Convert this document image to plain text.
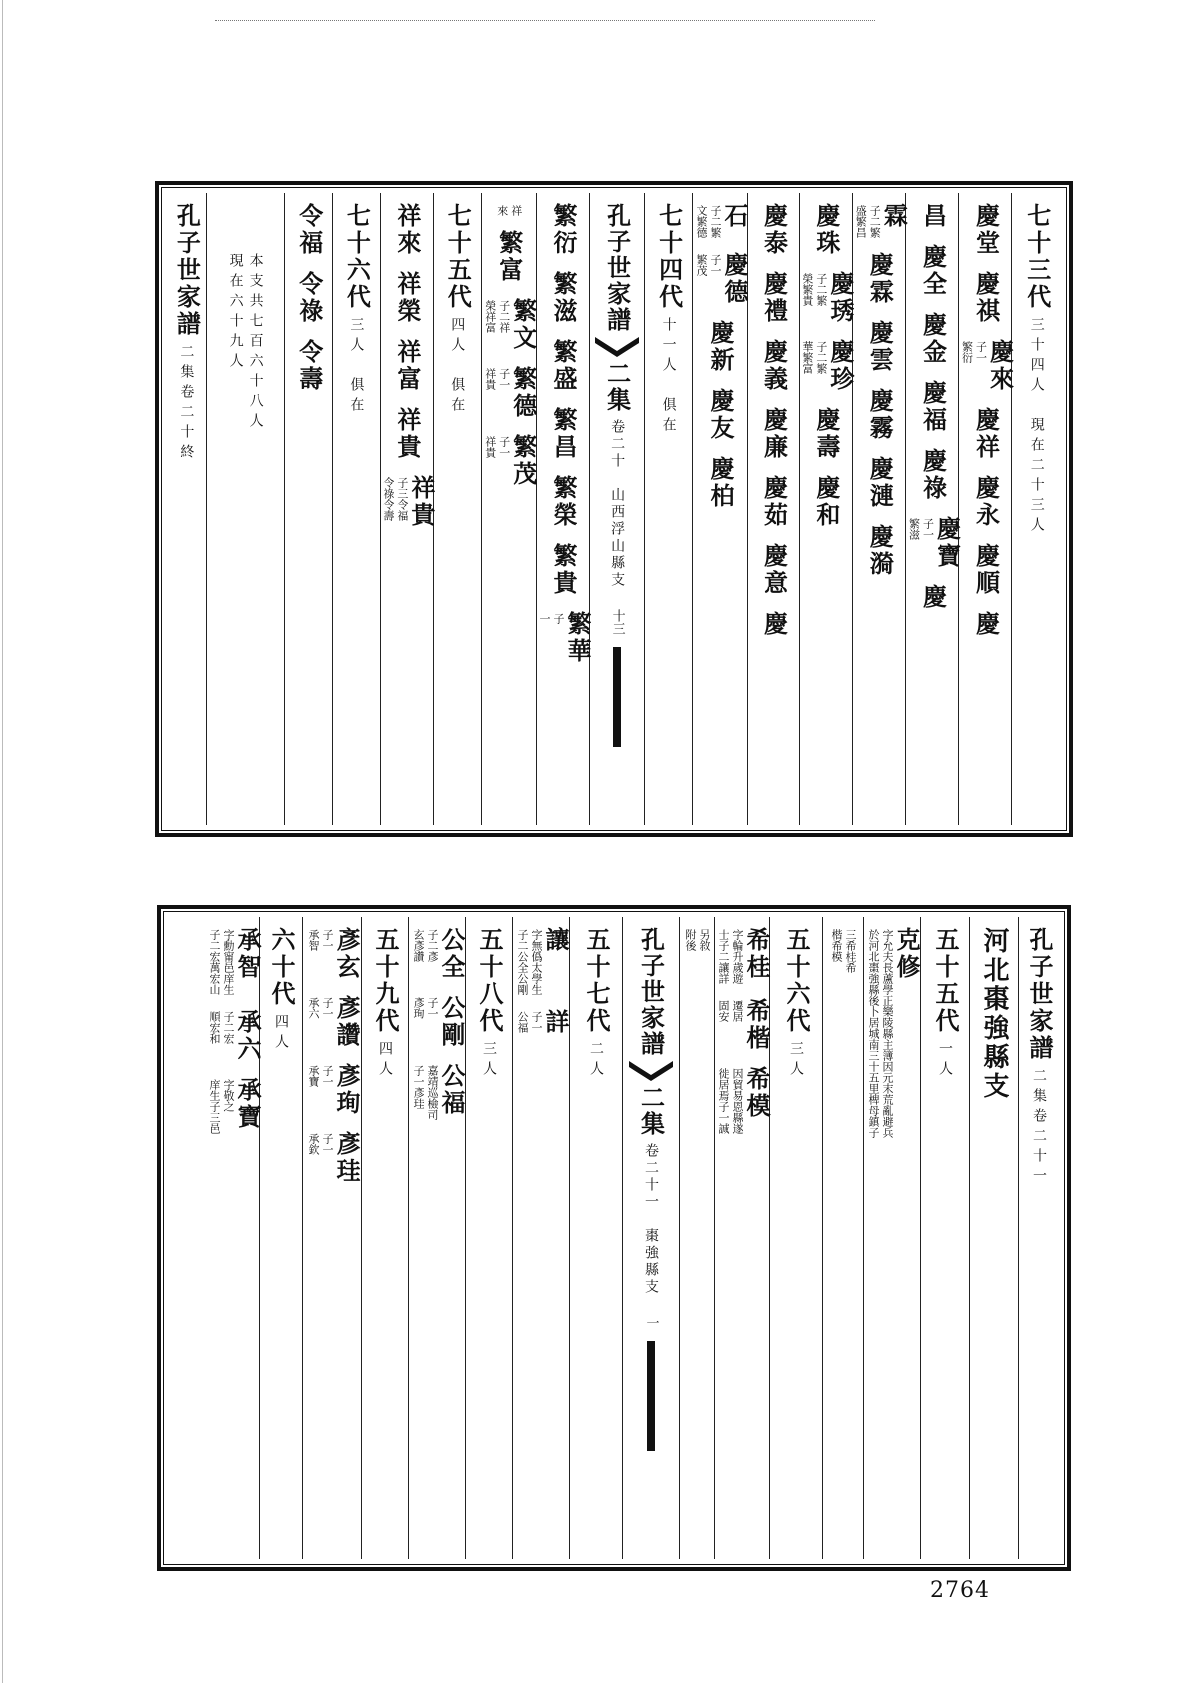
七十三代
三十四人　現在二十三人
慶堂
慶祺
慶來
子一
繁衍
慶祥
慶永
慶順
慶
昌
慶全
慶金
慶福
慶祿
慶寶
子一
繁滋
慶
霖
子二繁
盛繁昌
慶霖
慶雲
慶霧
慶漣
慶漪
慶珠
慶琇
子二繁
榮繁貴
慶珍
子二繁
華繁富
慶壽
慶和
慶泰
慶禮
慶義
慶廉
慶茹
慶意
慶
石
子二繁
文繁德
慶德
子一
繁茂
慶新
慶友
慶柏
七十四代
十一人　俱在
孔子世家譜
二集
卷二十　山西浮山縣支
十三
繁衍
繁滋
繁盛
繁昌
繁榮
繁貴
繁華
子
一
祥
來
繁富
繁文
子二祥
榮祥富
繁德
子一
祥貴
繁茂
子一
祥貴
七十五代
四人　俱在
祥來
祥榮
祥富
祥貴
祥貴
子三令福
令祿令壽
七十六代
三人　俱在
令福
令祿
令壽
本支共七百六十八人
現在六十九人
孔子世家譜
二集卷二十終
孔子世家譜
二集卷二十一
河北棗強縣支
五十五代
一人
克修
字允夫長蘆學正樂陵縣主簿因元末荒亂避兵
於河北棗強縣後卜居城南三十五里椑母鎮子
三希桂希
楷希模
五十六代
三人
希桂
字輪升歲遊
士子二讓詳
希楷
遷居
固安
希模
因貿易恩縣遂
徙居焉子一誠
另敘
附後
孔子世家譜
二集
卷二十一　棗強縣支
一
五十七代
二人
讓
字無僞太學生
子二公全公剛
詳
子一
公福
五十八代
三人
公全
子二彥
玄彥讚
公剛
子一
彥珣
公福
嘉靖巡檢司
子一彥珪
五十九代
四人
彥玄
子一
承智
彥讚
子一
承六
彥珣
子一
承寶
彥珪
子一
承欽
六十代
四人
承智
字勳甯邑庠生
子二宏萬宏山
承六
子二宏
順宏和
承寶
字敬之
庠生子三邑
2764
